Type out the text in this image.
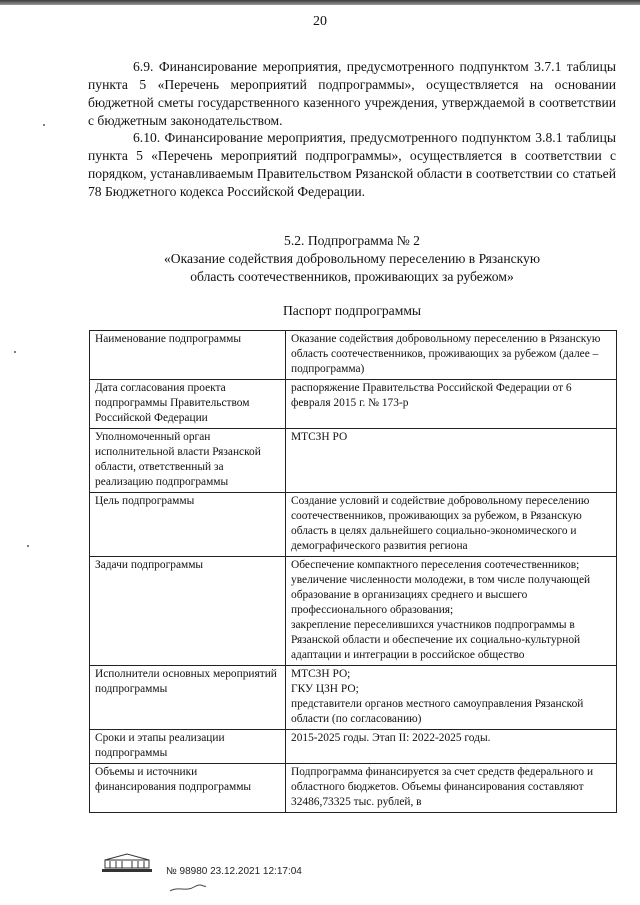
20

6.9. Финансирование мероприятия, предусмотренного подпунктом 3.7.1 таблицы пункта 5 «Перечень мероприятий подпрограммы», осуществляется на основании бюджетной сметы государственного казенного учреждения, утверждаемой в соответствии с бюджетным законодательством.

6.10. Финансирование мероприятия, предусмотренного подпунктом 3.8.1 таблицы пункта 5 «Перечень мероприятий подпрограммы», осуществляется в соответствии с порядком, устанавливаемым Правительством Рязанской области в соответствии со статьей 78 Бюджетного кодекса Российской Федерации.

5.2. Подпрограмма № 2
«Оказание содействия добровольному переселению в Рязанскую
область соотечественников, проживающих за рубежом»
Паспорт подпрограммы
Наименование подпрограммы	Оказание содействия добровольному переселению в Рязанскую область соотечественников, проживающих за рубежом (далее – подпрограмма)

Дата согласования проекта подпрограммы Правительством Российской Федерации	распоряжение Правительства Российской Федерации от 6 февраля 2015 г. № 173-р

Уполномоченный орган исполнительной власти Рязанской области, ответственный за реализацию подпрограммы	МТСЗН РО

Цель подпрограммы	Создание условий и содействие добровольному переселению соотечественников, проживающих за рубежом, в Рязанскую область в целях дальнейшего социально-экономического и демографического развития региона

Задачи подпрограммы	Обеспечение компактного переселения соотечественников;
увеличение численности молодежи, в том числе получающей образование в организациях среднего и высшего профессионального образования;
закрепление переселившихся участников подпрограммы в Рязанской области и обеспечение их социально-культурной адаптации и интеграции в российское общество

Исполнители основных мероприятий подпрограммы	МТСЗН РО;
ГКУ ЦЗН РО;
представители органов местного самоуправления Рязанской области (по согласованию)

Сроки и этапы реализации подпрограммы	2015-2025 годы. Этап II: 2022-2025 годы.

Объемы и источники финансирования подпрограммы	Подпрограмма финансируется за счет средств федерального и областного бюджетов. Объемы финансирования составляют 32486,73325 тыс. рублей, в
№ 98980 23.12.2021 12:17:04
